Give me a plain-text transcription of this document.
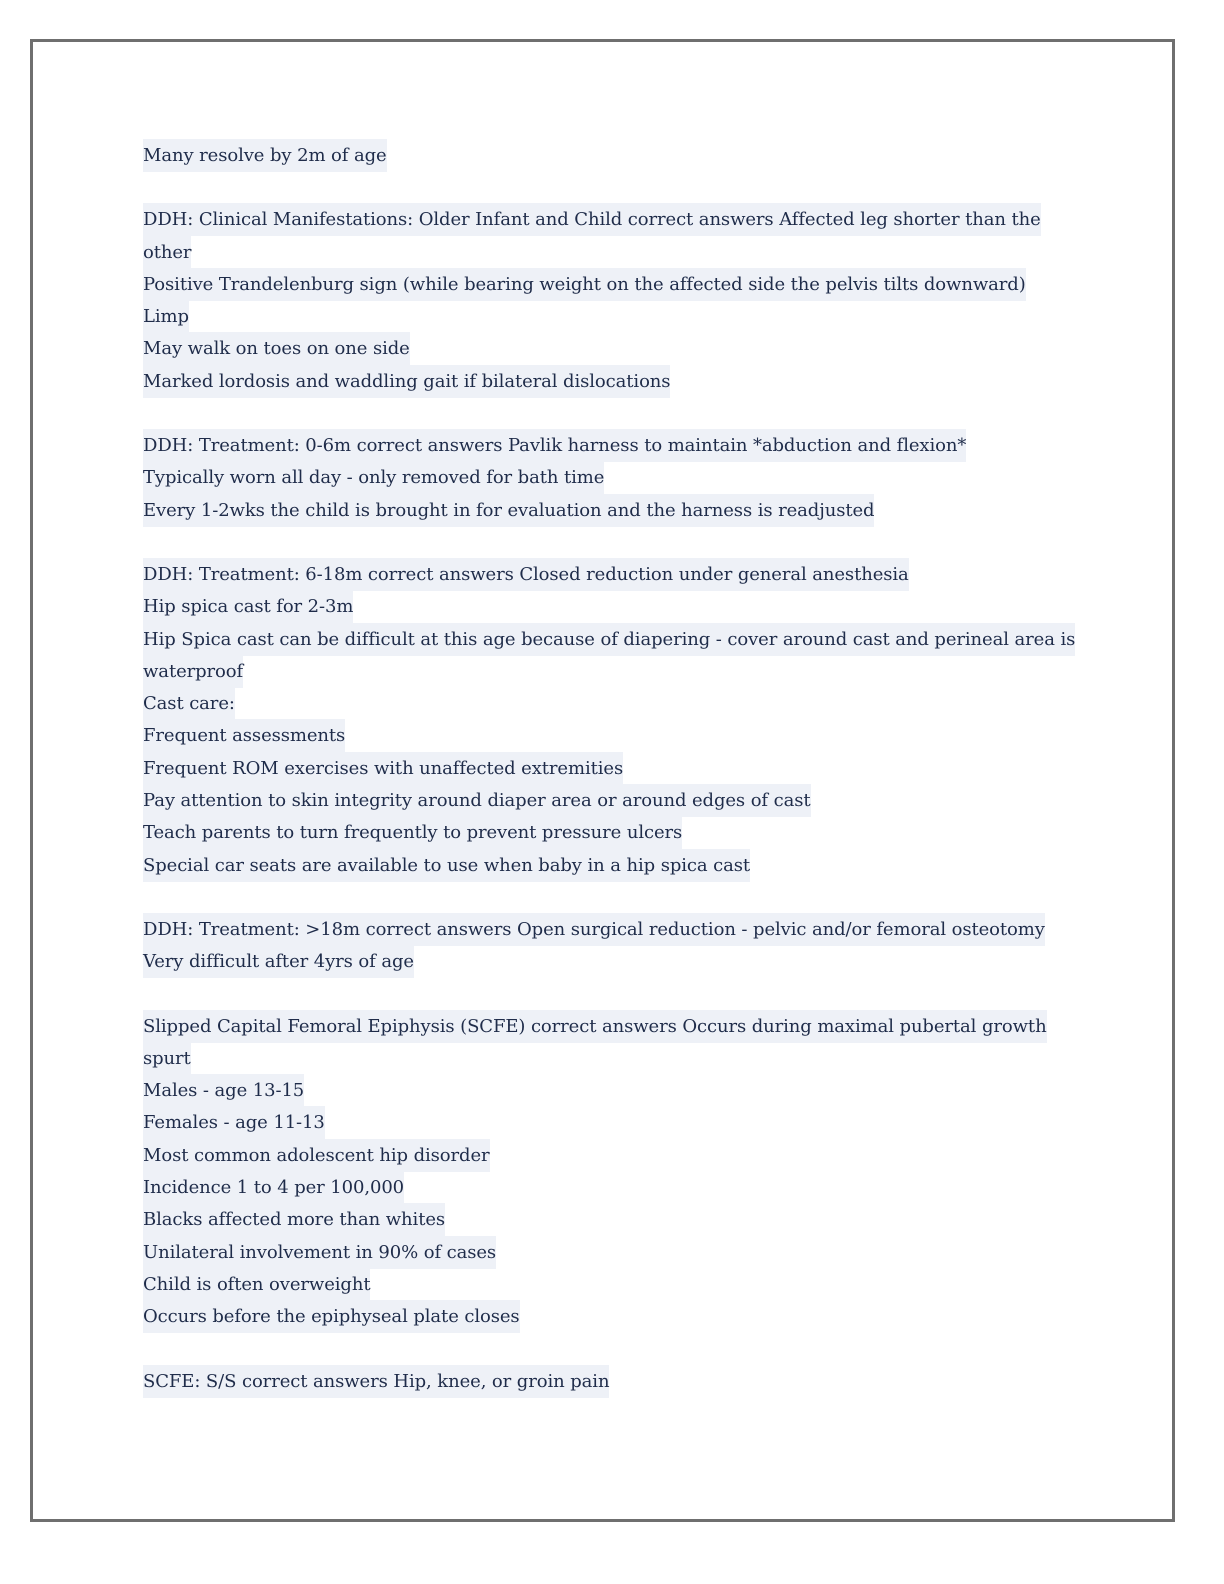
Many resolve by 2m of age
DDH: Clinical Manifestations: Older Infant and Child correct answers Affected leg shorter than the
other
Positive Trandelenburg sign (while bearing weight on the affected side the pelvis tilts downward)
Limp
May walk on toes on one side
Marked lordosis and waddling gait if bilateral dislocations
DDH: Treatment: 0-6m correct answers Pavlik harness to maintain *abduction and flexion*
Typically worn all day - only removed for bath time
Every 1-2wks the child is brought in for evaluation and the harness is readjusted
DDH: Treatment: 6-18m correct answers Closed reduction under general anesthesia
Hip spica cast for 2-3m
Hip Spica cast can be difficult at this age because of diapering - cover around cast and perineal area is
waterproof
Cast care:
Frequent assessments
Frequent ROM exercises with unaffected extremities
Pay attention to skin integrity around diaper area or around edges of cast
Teach parents to turn frequently to prevent pressure ulcers
Special car seats are available to use when baby in a hip spica cast
DDH: Treatment: >18m correct answers Open surgical reduction - pelvic and/or femoral osteotomy
Very difficult after 4yrs of age
Slipped Capital Femoral Epiphysis (SCFE) correct answers Occurs during maximal pubertal growth
spurt
Males - age 13-15
Females - age 11-13
Most common adolescent hip disorder
Incidence 1 to 4 per 100,000
Blacks affected more than whites
Unilateral involvement in 90% of cases
Child is often overweight
Occurs before the epiphyseal plate closes
SCFE: S/S correct answers Hip, knee, or groin pain
